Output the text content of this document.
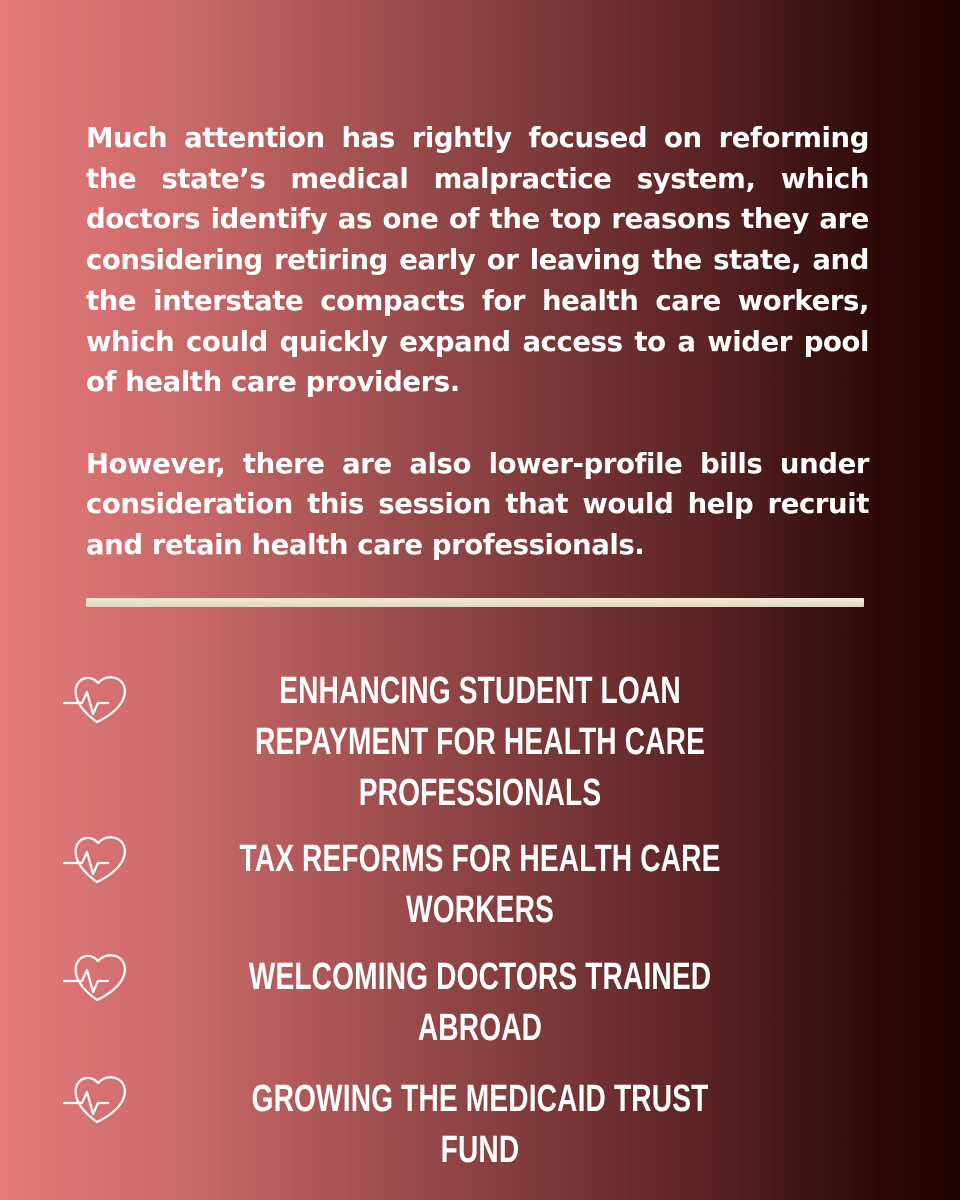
Much attention has rightly focused on reforming the state’s medical malpractice system, which doctors identify as one of the top reasons they are considering retiring early or leaving the state, and the interstate compacts for health care workers, which could quickly expand access to a wider pool of health care providers.

However, there are also lower-profile bills under consideration this session that would help recruit and retain health care professionals.

ENHANCING STUDENT LOAN REPAYMENT FOR HEALTH CARE PROFESSIONALS
TAX REFORMS FOR HEALTH CARE WORKERS
WELCOMING DOCTORS TRAINED ABROAD
GROWING THE MEDICAID TRUST FUND
